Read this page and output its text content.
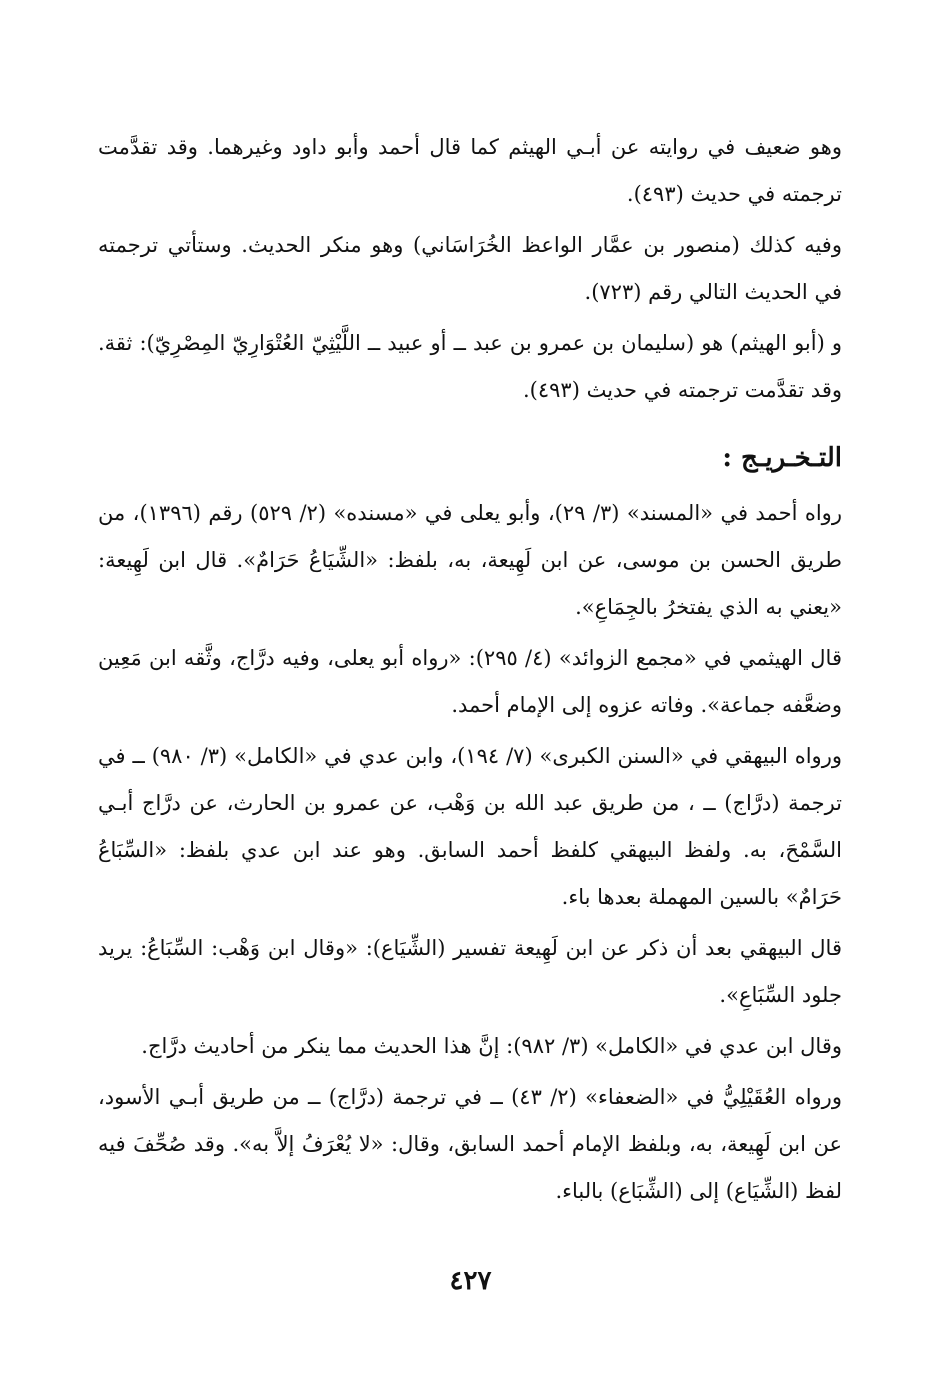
وهو ضعيف في روايته عن أبـي الهيثم كما قال أحمد وأبو داود وغيرهما. وقد تقدَّمت ترجمته في حديث (٤٩٣).

وفيه كذلك (منصور بن عمَّار الواعظ الخُرَاسَاني) وهو منكر الحديث. وستأتي ترجمته في الحديث التالي رقم (٧٢٣).

و (أبو الهيثم) هو (سليمان بن عمرو بن عبد ــ أو عبيد ــ اللَّيْثِيّ العُتْوَارِيّ المِصْرِيّ): ثقة. وقد تقدَّمت ترجمته في حديث (٤٩٣).

التـخـريـج :

رواه أحمد في «المسند» (٣/ ٢٩)، وأبو يعلى في «مسنده» (٢/ ٥٢٩) رقم (١٣٩٦)، من طريق الحسن بن موسى، عن ابن لَهِيعة، به، بلفظ: «الشِّيَاعُ حَرَامٌ». قال ابن لَهِيعة: «يعني به الذي يفتخرُ بالجِمَاعِ».

قال الهيثمي في «مجمع الزوائد» (٤/ ٢٩٥): «رواه أبو يعلى، وفيه درَّاج، وثَّقه ابن مَعِين وضعَّفه جماعة». وفاته عزوه إلى الإمام أحمد.

ورواه البيهقي في «السنن الكبرى» (٧/ ١٩٤)، وابن عدي في «الكامل» (٣/ ٩٨٠) ــ في ترجمة (درَّاج) ــ ، من طريق عبد الله بن وَهْب، عن عمرو بن الحارث، عن درَّاج أبـي السَّمْحَ، به. ولفظ البيهقي كلفظ أحمد السابق. وهو عند ابن عدي بلفظ: «السِّبَاعُ حَرَامٌ» بالسين المهملة بعدها باء.

قال البيهقي بعد أن ذكر عن ابن لَهِيعة تفسير (الشِّيَاع): «وقال ابن وَهْب: السِّبَاعُ: يريد جلود السِّبَاعِ».

وقال ابن عدي في «الكامل» (٣/ ٩٨٢): إنَّ هذا الحديث مما ينكر من أحاديث درَّاج.

ورواه العُقَيْلِيُّ في «الضعفاء» (٢/ ٤٣) ــ في ترجمة (درَّاج) ــ من طريق أبـي الأسود، عن ابن لَهِيعة، به، وبلفظ الإمام أحمد السابق، وقال: «لا يُعْرَفُ إلاَّ به». وقد صُحِّفَ فيه لفظ (الشِّيَاع) إلى (الشِّبَاع) بالباء.

٤٢٧
